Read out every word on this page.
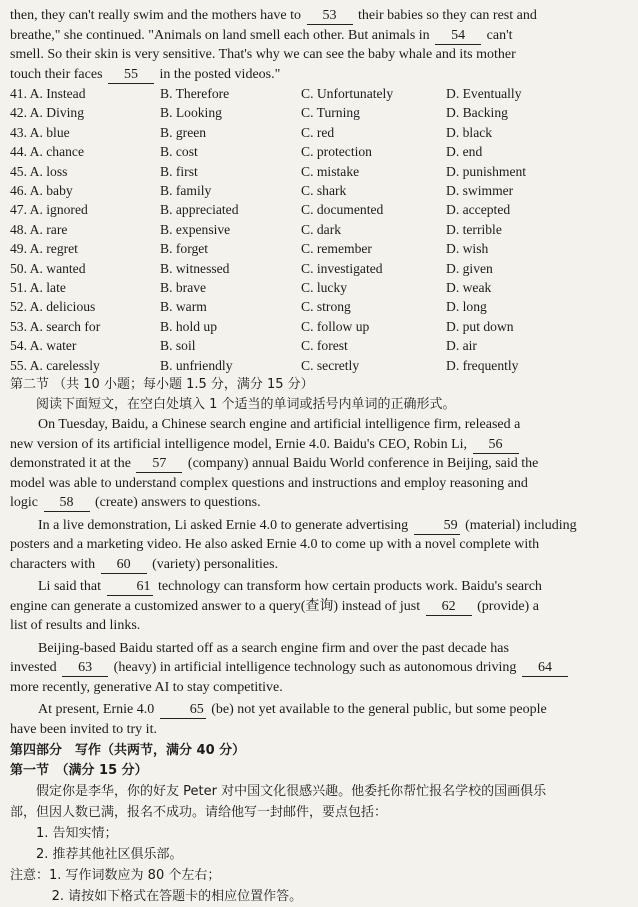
then, they can't really swim and the mothers have to 53 their babies so they can rest and

breathe," she continued. "Animals on land smell each other. But animals in 54 can't

smell. So their skin is very sensitive. That's why we can see the baby whale and its mother

touch their faces 55 in the posted videos."

41. A. Instead	B. Therefore	C. Unfortunately	D. Eventually
42. A. Diving	B. Looking	C. Turning	D. Backing
43. A. blue	B. green	C. red	D. black
44. A. chance	B. cost	C. protection	D. end
45. A. loss	B. first	C. mistake	D. punishment
46. A. baby	B. family	C. shark	D. swimmer
47. A. ignored	B. appreciated	C. documented	D. accepted
48. A. rare	B. expensive	C. dark	D. terrible
49. A. regret	B. forget	C. remember	D. wish
50. A. wanted	B. witnessed	C. investigated	D. given
51. A. late	B. brave	C. lucky	D. weak
52. A. delicious	B. warm	C. strong	D. long
53. A. search for	B. hold up	C. follow up	D. put down
54. A. water	B. soil	C. forest	D. air
55. A. carelessly	B. unfriendly	C. secretly	D. frequently

第二节 （共 10 小题；每小题 1.5 分，满分 15 分）

阅读下面短文，在空白处填入 1 个适当的单词或括号内单词的正确形式。

On Tuesday, Baidu, a Chinese search engine and artificial intelligence firm, released a

new version of its artificial intelligence model, Ernie 4.0. Baidu's CEO, Robin Li, 56

demonstrated it at the 57 (company) annual Baidu World conference in Beijing, said the

model was able to understand complex questions and instructions and employ reasoning and

logic 58 (create) answers to questions.

In a live demonstration, Li asked Ernie 4.0 to generate advertising 59 (material) including

posters and a marketing video. He also asked Ernie 4.0 to come up with a novel complete with

characters with 60 (variety) personalities.

Li said that 61 technology can transform how certain products work. Baidu's search

engine can generate a customized answer to a query(查询) instead of just 62 (provide) a

list of results and links.

Beijing-based Baidu started off as a search engine firm and over the past decade has

invested 63 (heavy) in artificial intelligence technology such as autonomous driving 64

more recently, generative AI to stay competitive.

At present, Ernie 4.0 65 (be) not yet available to the general public, but some people

have been invited to try it.

第四部分　写作（共两节，满分 40 分）

第一节　（满分 15 分）

假定你是李华，你的好友 Peter 对中国文化很感兴趣。他委托你帮忙报名学校的国画俱乐

部，但因人数已满，报名不成功。请给他写一封邮件，要点包括：

1. 告知实情；

2. 推荐其他社区俱乐部。

注意：1. 写作词数应为 80 个左右；

2. 请按如下格式在答题卡的相应位置作答。
